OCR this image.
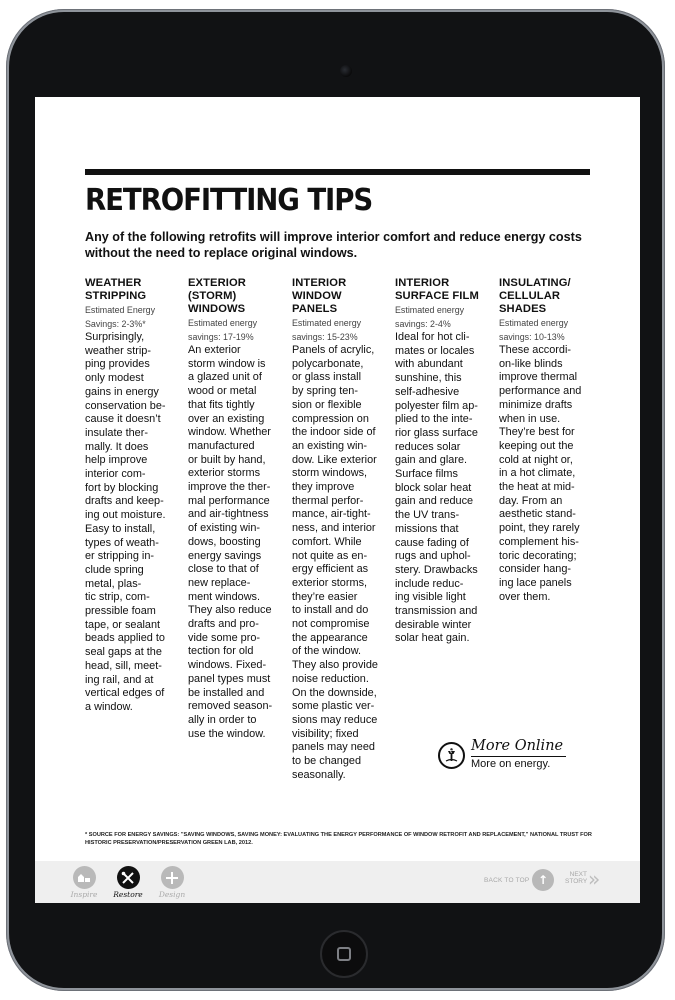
RETROFITTING TIPS

Any of the following retrofits will improve interior comfort and reduce energy costs without the need to replace original windows.

WEATHER
STRIPPING

Estimated Energy
Savings: 2-3%*

Surprisingly,
weather strip-
ping provides
only modest
gains in energy
conservation be-
cause it doesn’t
insulate ther-
mally. It does
help improve
interior com-
fort by blocking
drafts and keep-
ing out moisture.
Easy to install,
types of weath-
er stripping in-
clude spring
metal, plas-
tic strip, com-
pressible foam
tape, or sealant
beads applied to
seal gaps at the
head, sill, meet-
ing rail, and at
vertical edges of
a window.

EXTERIOR
(STORM) WINDOWS

Estimated energy
savings: 17-19%

An exterior
storm window is
a glazed unit of
wood or metal
that fits tightly
over an existing
window. Whether
manufactured
or built by hand,
exterior storms
improve the ther-
mal performance
and air-tightness
of existing win-
dows, boosting
energy savings
close to that of
new replace-
ment windows.
They also reduce
drafts and pro-
vide some pro-
tection for old
windows. Fixed-
panel types must
be installed and
removed season-
ally in order to
use the window.

INTERIOR
WINDOW PANELS

Estimated energy
savings: 15-23%

Panels of acrylic,
polycarbonate,
or glass install
by spring ten-
sion or flexible
compression on
the indoor side of
an existing win-
dow. Like exterior
storm windows,
they improve
thermal perfor-
mance, air-tight-
ness, and interior
comfort. While
not quite as en-
ergy efficient as
exterior storms,
they’re easier
to install and do
not compromise
the appearance
of the window.
They also provide
noise reduction.
On the downside,
some plastic ver-
sions may reduce
visibility; fixed
panels may need
to be changed
seasonally.

INTERIOR
SURFACE FILM

Estimated energy
savings: 2-4%

Ideal for hot cli-
mates or locales
with abundant
sunshine, this
self-adhesive
polyester film ap-
plied to the inte-
rior glass surface
reduces solar
gain and glare.
Surface films
block solar heat
gain and reduce
the UV trans-
missions that
cause fading of
rugs and uphol-
stery. Drawbacks
include reduc-
ing visible light
transmission and
desirable winter
solar heat gain.

INSULATING/
CELLULAR SHADES

Estimated energy
savings: 10-13%

These accordi-
on-like blinds
improve thermal
performance and
minimize drafts
when in use.
They’re best for
keeping out the
cold at night or,
in a hot climate,
the heat at mid-
day. From an
aesthetic stand-
point, they rarely
complement his-
toric decorating;
consider hang-
ing lace panels
over them.

More Online
More on energy.

* SOURCE FOR ENERGY SAVINGS: "SAVING WINDOWS, SAVING MONEY: EVALUATING THE ENERGY PERFORMANCE OF WINDOW RETROFIT AND REPLACEMENT," NATIONAL TRUST FOR HISTORIC PRESERVATION/PRESERVATION GREEN LAB, 2012.

Inspire	Restore	Design
BACK TO TOP ↑	NEXT
STORY »
